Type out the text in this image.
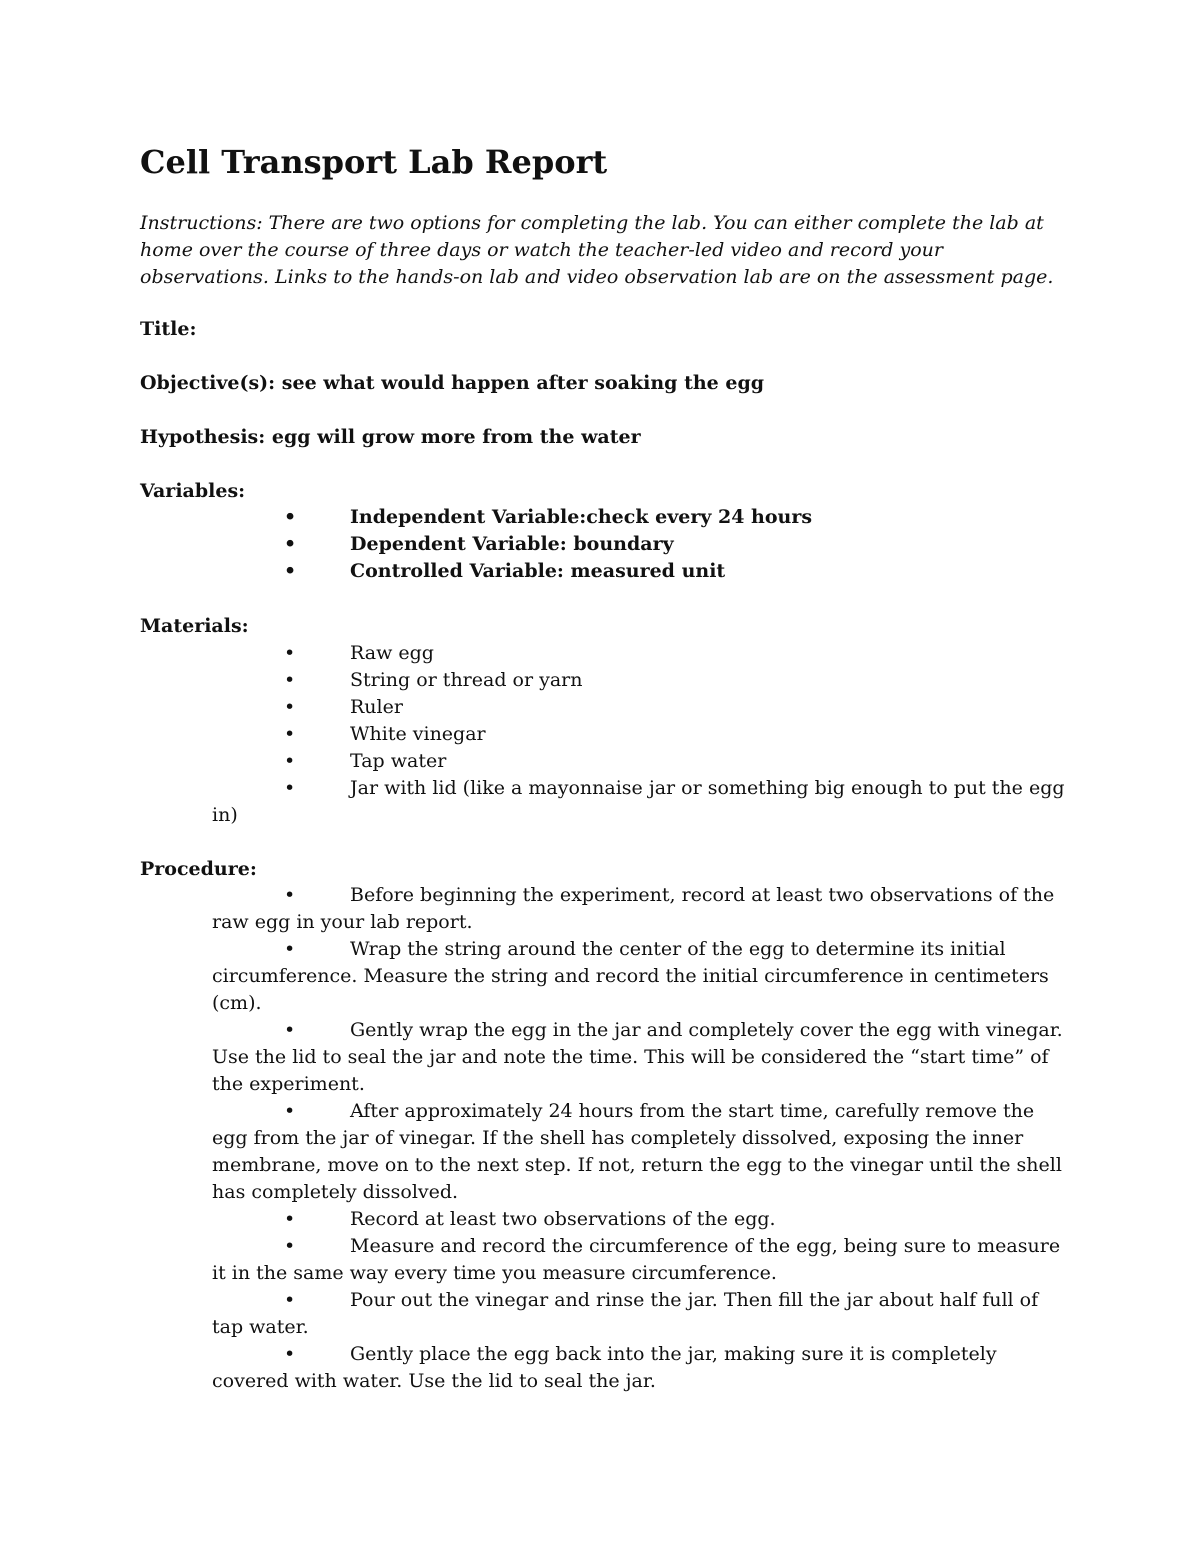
Cell Transport Lab Report

Instructions: There are two options for completing the lab. You can either complete the lab at home over the course of three days or watch the teacher-led video and record your observations. Links to the hands-on lab and video observation lab are on the assessment page.

Title:

Objective(s): see what would happen after soaking the egg

Hypothesis: egg will grow more from the water

Variables:

•	Independent Variable:check every 24 hours
•	Dependent Variable: boundary
•	Controlled Variable: measured unit

Materials:

•	Raw egg
•	String or thread or yarn
•	Ruler
•	White vinegar
•	Tap water
•	Jar with lid (like a mayonnaise jar or something big enough to put the egg
in)

Procedure:

•	Before beginning the experiment, record at least two observations of the raw egg in your lab report.
•	Wrap the string around the center of the egg to determine its initial circumference. Measure the string and record the initial circumference in centimeters (cm).
•	Gently wrap the egg in the jar and completely cover the egg with vinegar. Use the lid to seal the jar and note the time. This will be considered the “start time” of the experiment.
•	After approximately 24 hours from the start time, carefully remove the egg from the jar of vinegar. If the shell has completely dissolved, exposing the inner membrane, move on to the next step. If not, return the egg to the vinegar until the shell has completely dissolved.
•	Record at least two observations of the egg.
•	Measure and record the circumference of the egg, being sure to measure it in the same way every time you measure circumference.
•	Pour out the vinegar and rinse the jar. Then fill the jar about half full of tap water.
•	Gently place the egg back into the jar, making sure it is completely covered with water. Use the lid to seal the jar.
